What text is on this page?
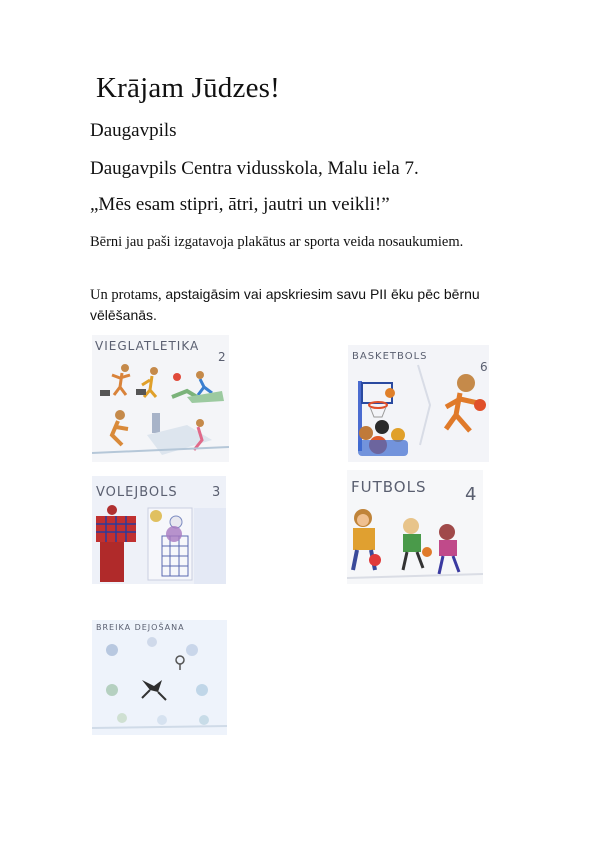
Krājam Jūdzes!

Daugavpils

Daugavpils Centra vidusskola, Malu iela 7.

„Mēs esam stipri, ātri, jautri un veikli!”

Bērni jau paši izgatavoja plakātus ar sporta veida nosaukumiem.

Un protams, apstaigāsim vai apskriesim savu PII ēku pēc bērnu vēlēšanās.

VIEGLATLETIKA
2	BASKETBOLS
6
VOLEJBOLS	3	FUTBOLS 4
BREIKA DEJOŠANA
